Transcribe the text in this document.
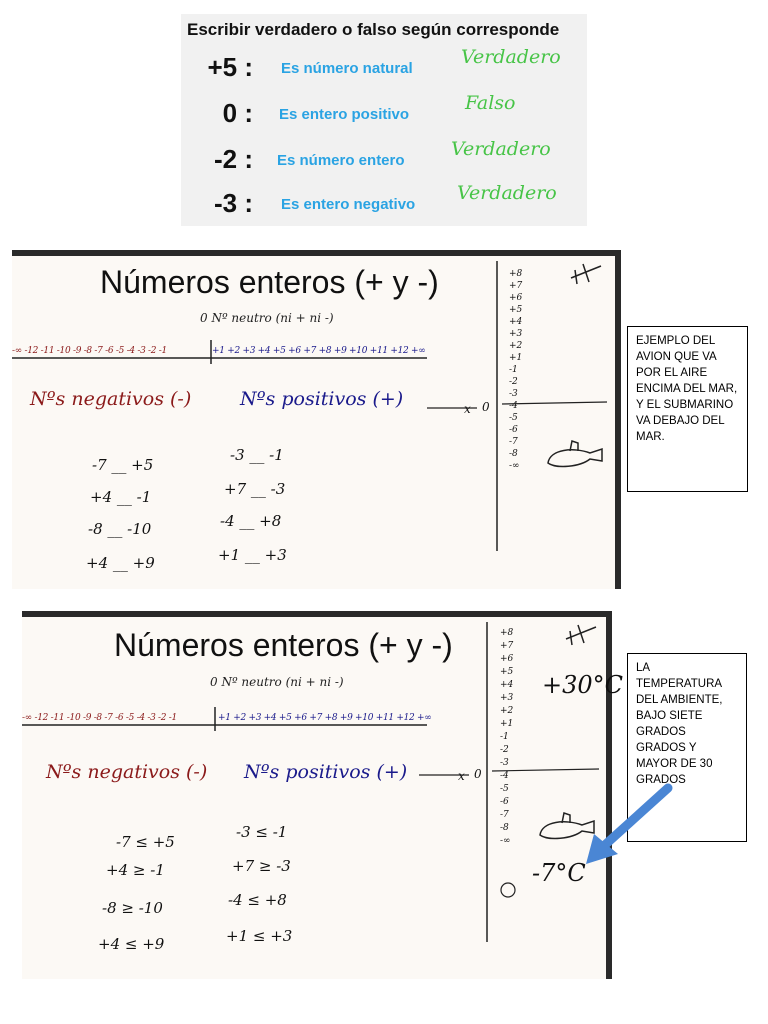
Escribir verdadero o falso según corresponde
+5 : Es número natural
Verdadero
0 : Es entero positivo
Falso
-2 : Es número entero
Verdadero
-3 : Es entero negativo
Verdadero
Números enteros (+ y -)
0 Nº neutro (ni + ni -)
-∞ -12 -11 -10 -9 -8 -7 -6 -5 -4 -3 -2 -1	+1 +2 +3 +4 +5 +6 +7 +8 +9 +10 +11 +12 +∞
Nºs negativos (-)	Nºs positivos (+)
-7 __ +5
+4 __ -1
-8 __ -10
+4 __ +9
-3 __ -1
+7 __ -3
-4 __ +8
+1 __ +3
+8
+7
+6
+5
+4
+3
+2
+1
-1
-2
-3
-4
-5
-6
-7
-8
-∞
x 0
EJEMPLO DEL AVION QUE VA POR EL AIRE ENCIMA DEL MAR, Y EL SUBMARINO VA DEBAJO DEL MAR.
Números enteros (+ y -)
0 Nº neutro (ni + ni -)
-∞ -12 -11 -10 -9 -8 -7 -6 -5 -4 -3 -2 -1	+1 +2 +3 +4 +5 +6 +7 +8 +9 +10 +11 +12 +∞
Nºs negativos (-) Nºs positivos (+)
-7 ≤ +5
+4 ≥ -1
-8 ≥ -10
+4 ≤ +9
-3 ≤ -1
+7 ≥ -3
-4 ≤ +8
+1 ≤ +3
+8
+7
+6
+5
+4
+3
+2
+1
-1
-2
-3
-4
-5
-6
-7
-8
-∞
x 0
+30°C
-7°C
LA TEMPERATURA DEL AMBIENTE, BAJO SIETE GRADOS GRADOS Y MAYOR DE 30 GRADOS
